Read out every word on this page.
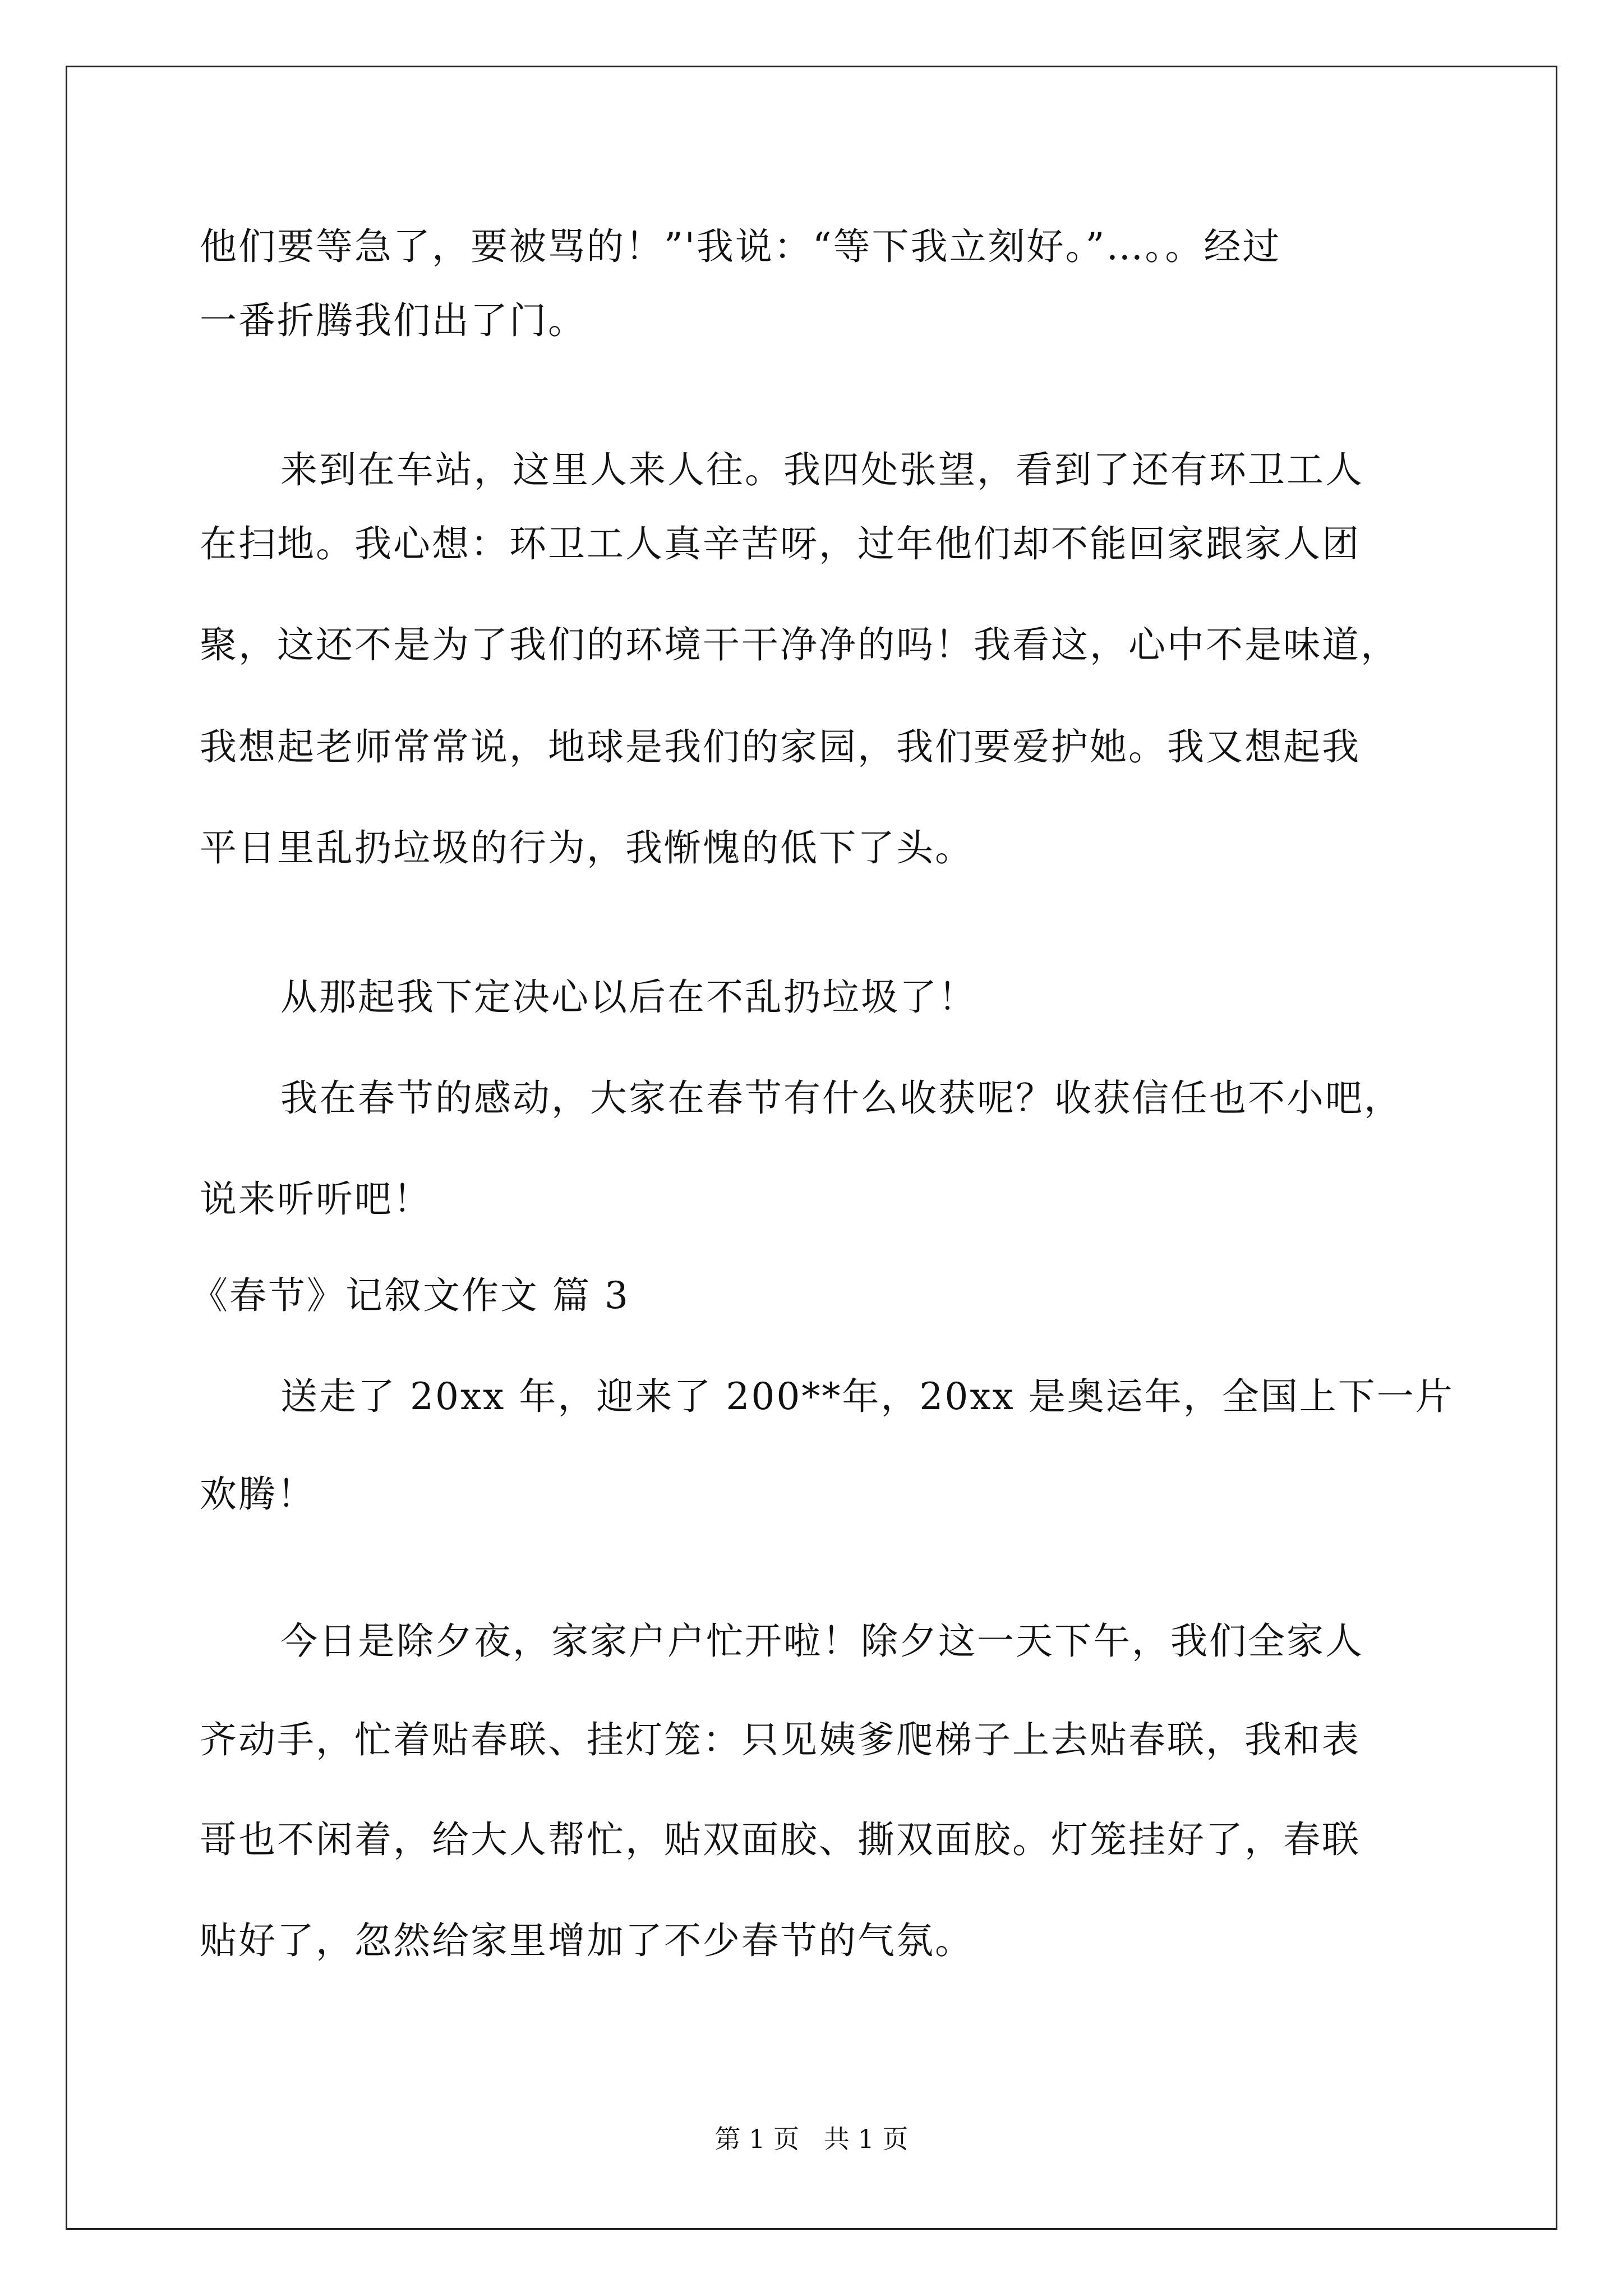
他们要等急了，要被骂的！”'我说：“等下我立刻好。”…。。经过
一番折腾我们出了门。
来到在车站，这里人来人往。我四处张望，看到了还有环卫工人
在扫地。我心想：环卫工人真辛苦呀，过年他们却不能回家跟家人团
聚，这还不是为了我们的环境干干净净的吗！我看这，心中不是味道，
我想起老师常常说，地球是我们的家园，我们要爱护她。我又想起我
平日里乱扔垃圾的行为，我惭愧的低下了头。
从那起我下定决心以后在不乱扔垃圾了！
我在春节的感动，大家在春节有什么收获呢？收获信任也不小吧，
说来听听吧！
《春节》记叙文作文 篇 3
送走了 20xx 年，迎来了 200**年，20xx 是奥运年，全国上下一片
欢腾！
今日是除夕夜，家家户户忙开啦！除夕这一天下午，我们全家人
齐动手，忙着贴春联、挂灯笼：只见姨爹爬梯子上去贴春联，我和表
哥也不闲着，给大人帮忙，贴双面胶、撕双面胶。灯笼挂好了，春联
贴好了，忽然给家里增加了不少春节的气氛。
第 1 页   共 1 页
